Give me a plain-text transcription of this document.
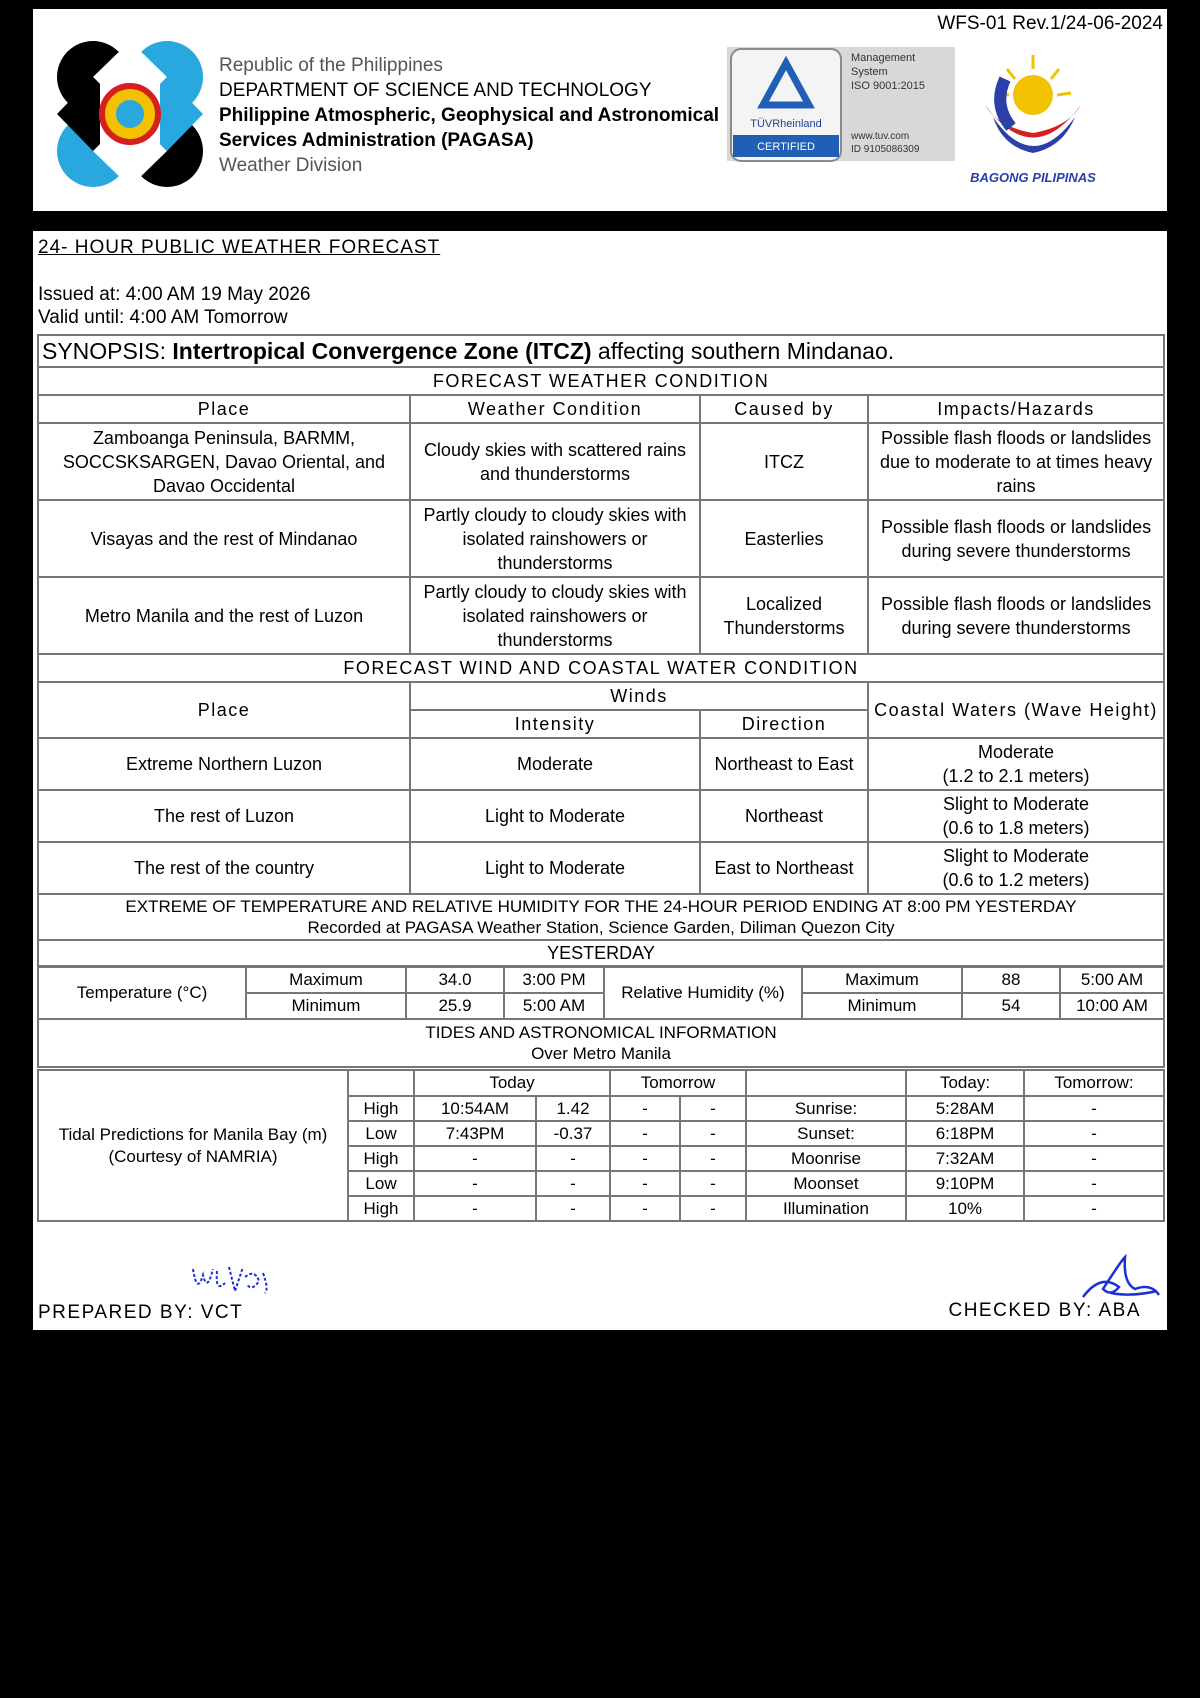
WFS-01 Rev.1/24-06-2024
Republic of the Philippines
DEPARTMENT OF SCIENCE AND TECHNOLOGY
Philippine Atmospheric, Geophysical and Astronomical
Services Administration (PAGASA)
Weather Division
TÜVRheinland
CERTIFIED
Management
System
ISO 9001:2015
www.tuv.com
ID 9105086309
BAGONG PILIPINAS
24- HOUR PUBLIC WEATHER FORECAST
Issued at: 4:00 AM 19 May 2026
Valid until: 4:00 AM Tomorrow
SYNOPSIS: Intertropical Convergence Zone (ITCZ) affecting southern Mindanao.			
FORECAST WEATHER CONDITION			
Place	Weather Condition	Caused by	Impacts/Hazards
Zamboanga Peninsula, BARMM, SOCCSKSARGEN, Davao Oriental, and Davao Occidental	Cloudy skies with scattered rains and thunderstorms	ITCZ	Possible flash floods or landslides due to moderate to at times heavy rains
Visayas and the rest of Mindanao	Partly cloudy to cloudy skies with isolated rainshowers or thunderstorms	Easterlies	Possible flash floods or landslides during severe thunderstorms
Metro Manila and the rest of Luzon	Partly cloudy to cloudy skies with isolated rainshowers or thunderstorms	Localized Thunderstorms	Possible flash floods or landslides during severe thunderstorms
FORECAST WIND AND COASTAL WATER CONDITION			
Place	Winds		Coastal Waters (Wave Height)
	Intensity	Direction	
Extreme Northern Luzon	Moderate	Northeast to East	Moderate
(1.2 to 2.1 meters)

The rest of Luzon	Light to Moderate	Northeast	Slight to Moderate
(0.6 to 1.8 meters)

The rest of the country	Light to Moderate	East to Northeast	Slight to Moderate
(0.6 to 1.2 meters)

EXTREME OF TEMPERATURE AND RELATIVE HUMIDITY FOR THE 24-HOUR PERIOD ENDING AT 8:00 PM YESTERDAY
Recorded at PAGASA Weather Station, Science Garden, Diliman Quezon City			

YESTERDAY			
Temperature (°C)	Maximum	34.0	3:00 PM	Relative Humidity (%)	Maximum	88	5:00 AM
	Minimum	25.9	5:00 AM		Minimum	54	10:00 AM

TIDES AND ASTRONOMICAL INFORMATION
Over Metro Manila							
Tidal Predictions for Manila Bay (m) (Courtesy of NAMRIA)		Today		Tomorrow			Today:	Tomorrow:
	High	10:54AM	1.42	-	-	Sunrise:	5:28AM	-
	Low	7:43PM	-0.37	-	-	Sunset:	6:18PM	-
	High	-	-	-	-	Moonrise	7:32AM	-
	Low	-	-	-	-	Moonset	9:10PM	-
	High	-	-	-	-	Illumination	10%	-
PREPARED BY: VCT	CHECKED BY: ABA
